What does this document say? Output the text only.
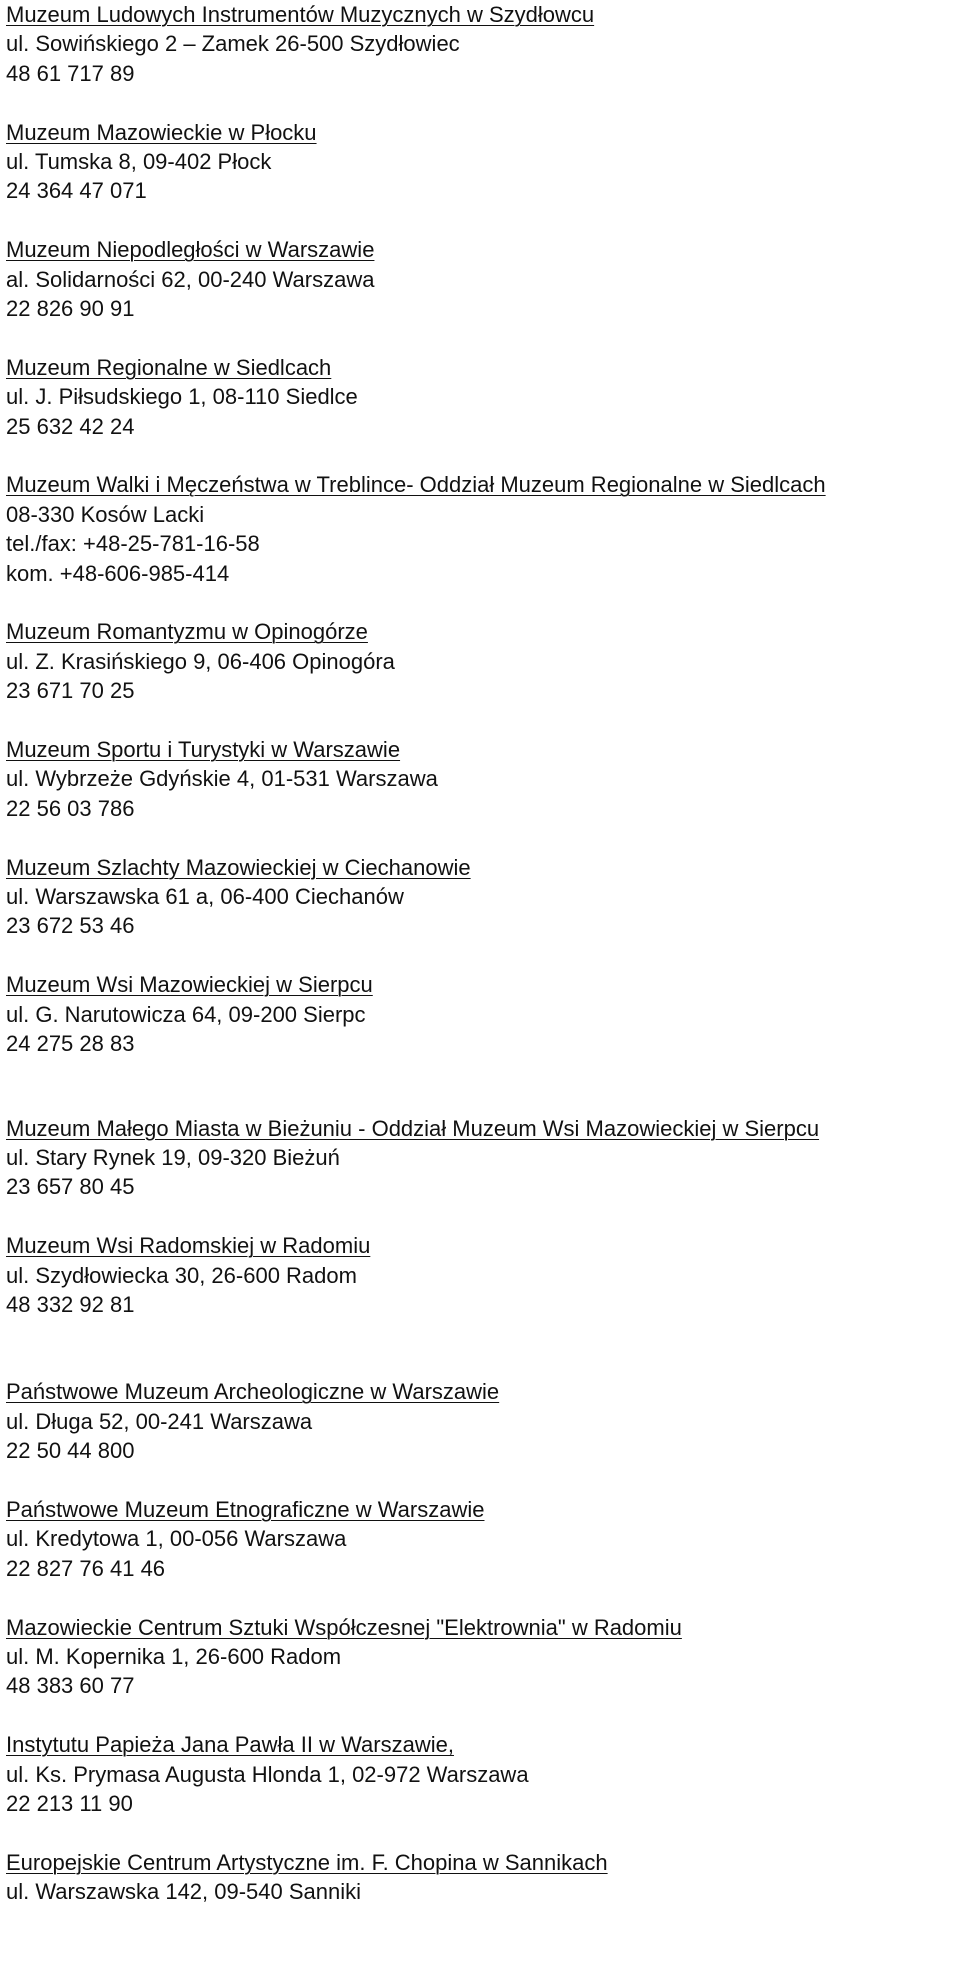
Muzeum Ludowych Instrumentów Muzycznych w Szydłowcu
ul. Sowińskiego 2 – Zamek 26-500 Szydłowiec
48 61 717 89
Muzeum Mazowieckie w Płocku
ul. Tumska 8, 09-402 Płock
24 364 47 071
Muzeum Niepodległości w Warszawie
al. Solidarności 62, 00-240 Warszawa
22 826 90 91
Muzeum Regionalne w Siedlcach
ul. J. Piłsudskiego 1, 08-110 Siedlce
25 632 42 24
Muzeum Walki i Męczeństwa w Treblince- Oddział Muzeum Regionalne w Siedlcach
08-330 Kosów Lacki
tel./fax: +48-25-781-16-58
kom. +48-606-985-414
Muzeum Romantyzmu w Opinogórze
ul. Z. Krasińskiego 9, 06-406 Opinogóra
23 671 70 25
Muzeum Sportu i Turystyki w Warszawie
ul. Wybrzeże Gdyńskie 4, 01-531 Warszawa
22 56 03 786
Muzeum Szlachty Mazowieckiej w Ciechanowie
ul. Warszawska 61 a, 06-400 Ciechanów
23 672 53 46
Muzeum Wsi Mazowieckiej w Sierpcu
ul. G. Narutowicza 64, 09-200 Sierpc
24 275 28 83
Muzeum Małego Miasta w Bieżuniu - Oddział Muzeum Wsi Mazowieckiej w Sierpcu
ul. Stary Rynek 19, 09-320 Bieżuń
23 657 80 45
Muzeum Wsi Radomskiej w Radomiu
ul. Szydłowiecka 30, 26-600 Radom
48 332 92 81
Państwowe Muzeum Archeologiczne w Warszawie
ul. Długa 52, 00-241 Warszawa
22 50 44 800
Państwowe Muzeum Etnograficzne w Warszawie
ul. Kredytowa 1, 00-056 Warszawa
22 827 76 41 46
Mazowieckie Centrum Sztuki Współczesnej "Elektrownia" w Radomiu
ul. M. Kopernika 1, 26-600 Radom
48 383 60 77
Instytutu Papieża Jana Pawła II w Warszawie,
ul. Ks. Prymasa Augusta Hlonda 1, 02-972 Warszawa
22 213 11 90
Europejskie Centrum Artystyczne im. F. Chopina w Sannikach
ul. Warszawska 142, 09-540 Sanniki
